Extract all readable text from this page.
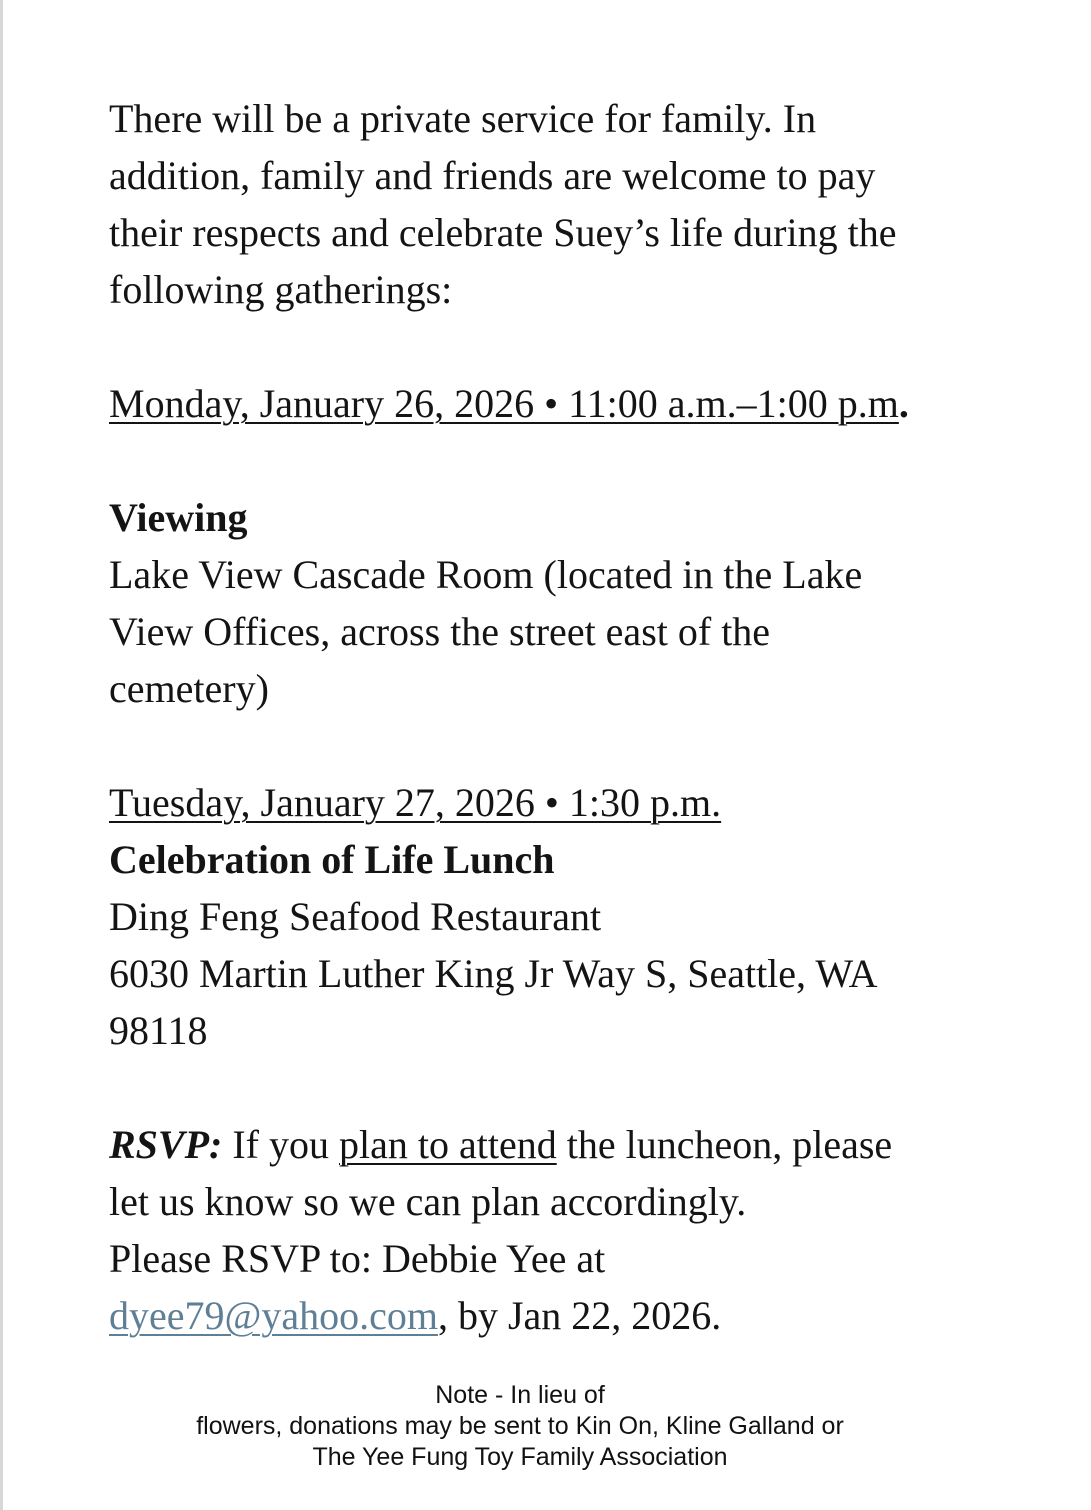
There will be a private service for family. In

addition, family and friends are welcome to pay

their respects and celebrate Suey’s life during the

following gatherings:

Monday, January 26, 2026 • 11:00 a.m.–1:00 p.m.

Viewing

Lake View Cascade Room (located in the Lake

View Offices, across the street east of the

cemetery)

Tuesday, January 27, 2026 • 1:30 p.m.

Celebration of Life Lunch

Ding Feng Seafood Restaurant

6030 Martin Luther King Jr Way S, Seattle, WA

98118

RSVP: If you plan to attend the luncheon, please

let us know so we can plan accordingly.

Please RSVP to: Debbie Yee at

dyee79@yahoo.com, by Jan 22, 2026.

Note - In lieu of

flowers, donations may be sent to Kin On, Kline Galland or

The Yee Fung Toy Family Association
